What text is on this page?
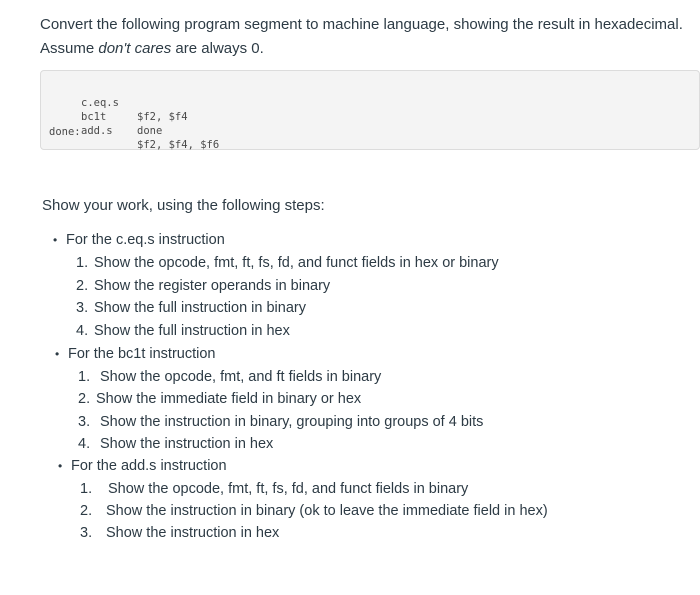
Convert the following program segment to machine language, showing the result in hexadecimal.
Assume don't cares are always 0.

c.eq.s

$f2, $f4

bc1t

done

add.s

$f2, $f4, $f6

done:
Show your work, using the following steps:
• For the c.eq.s instruction
1. Show the opcode, fmt, ft, fs, fd, and funct fields in hex or binary
2. Show the register operands in binary
3. Show the full instruction in binary
4. Show the full instruction in hex
• For the bc1t instruction
1. Show the opcode, fmt, and ft fields in binary
2. Show the immediate field in binary or hex
3. Show the instruction in binary, grouping into groups of 4 bits
4. Show the instruction in hex
• For the add.s instruction
1. Show the opcode, fmt, ft, fs, fd, and funct fields in binary
2. Show the instruction in binary (ok to leave the immediate field in hex)
3. Show the instruction in hex
